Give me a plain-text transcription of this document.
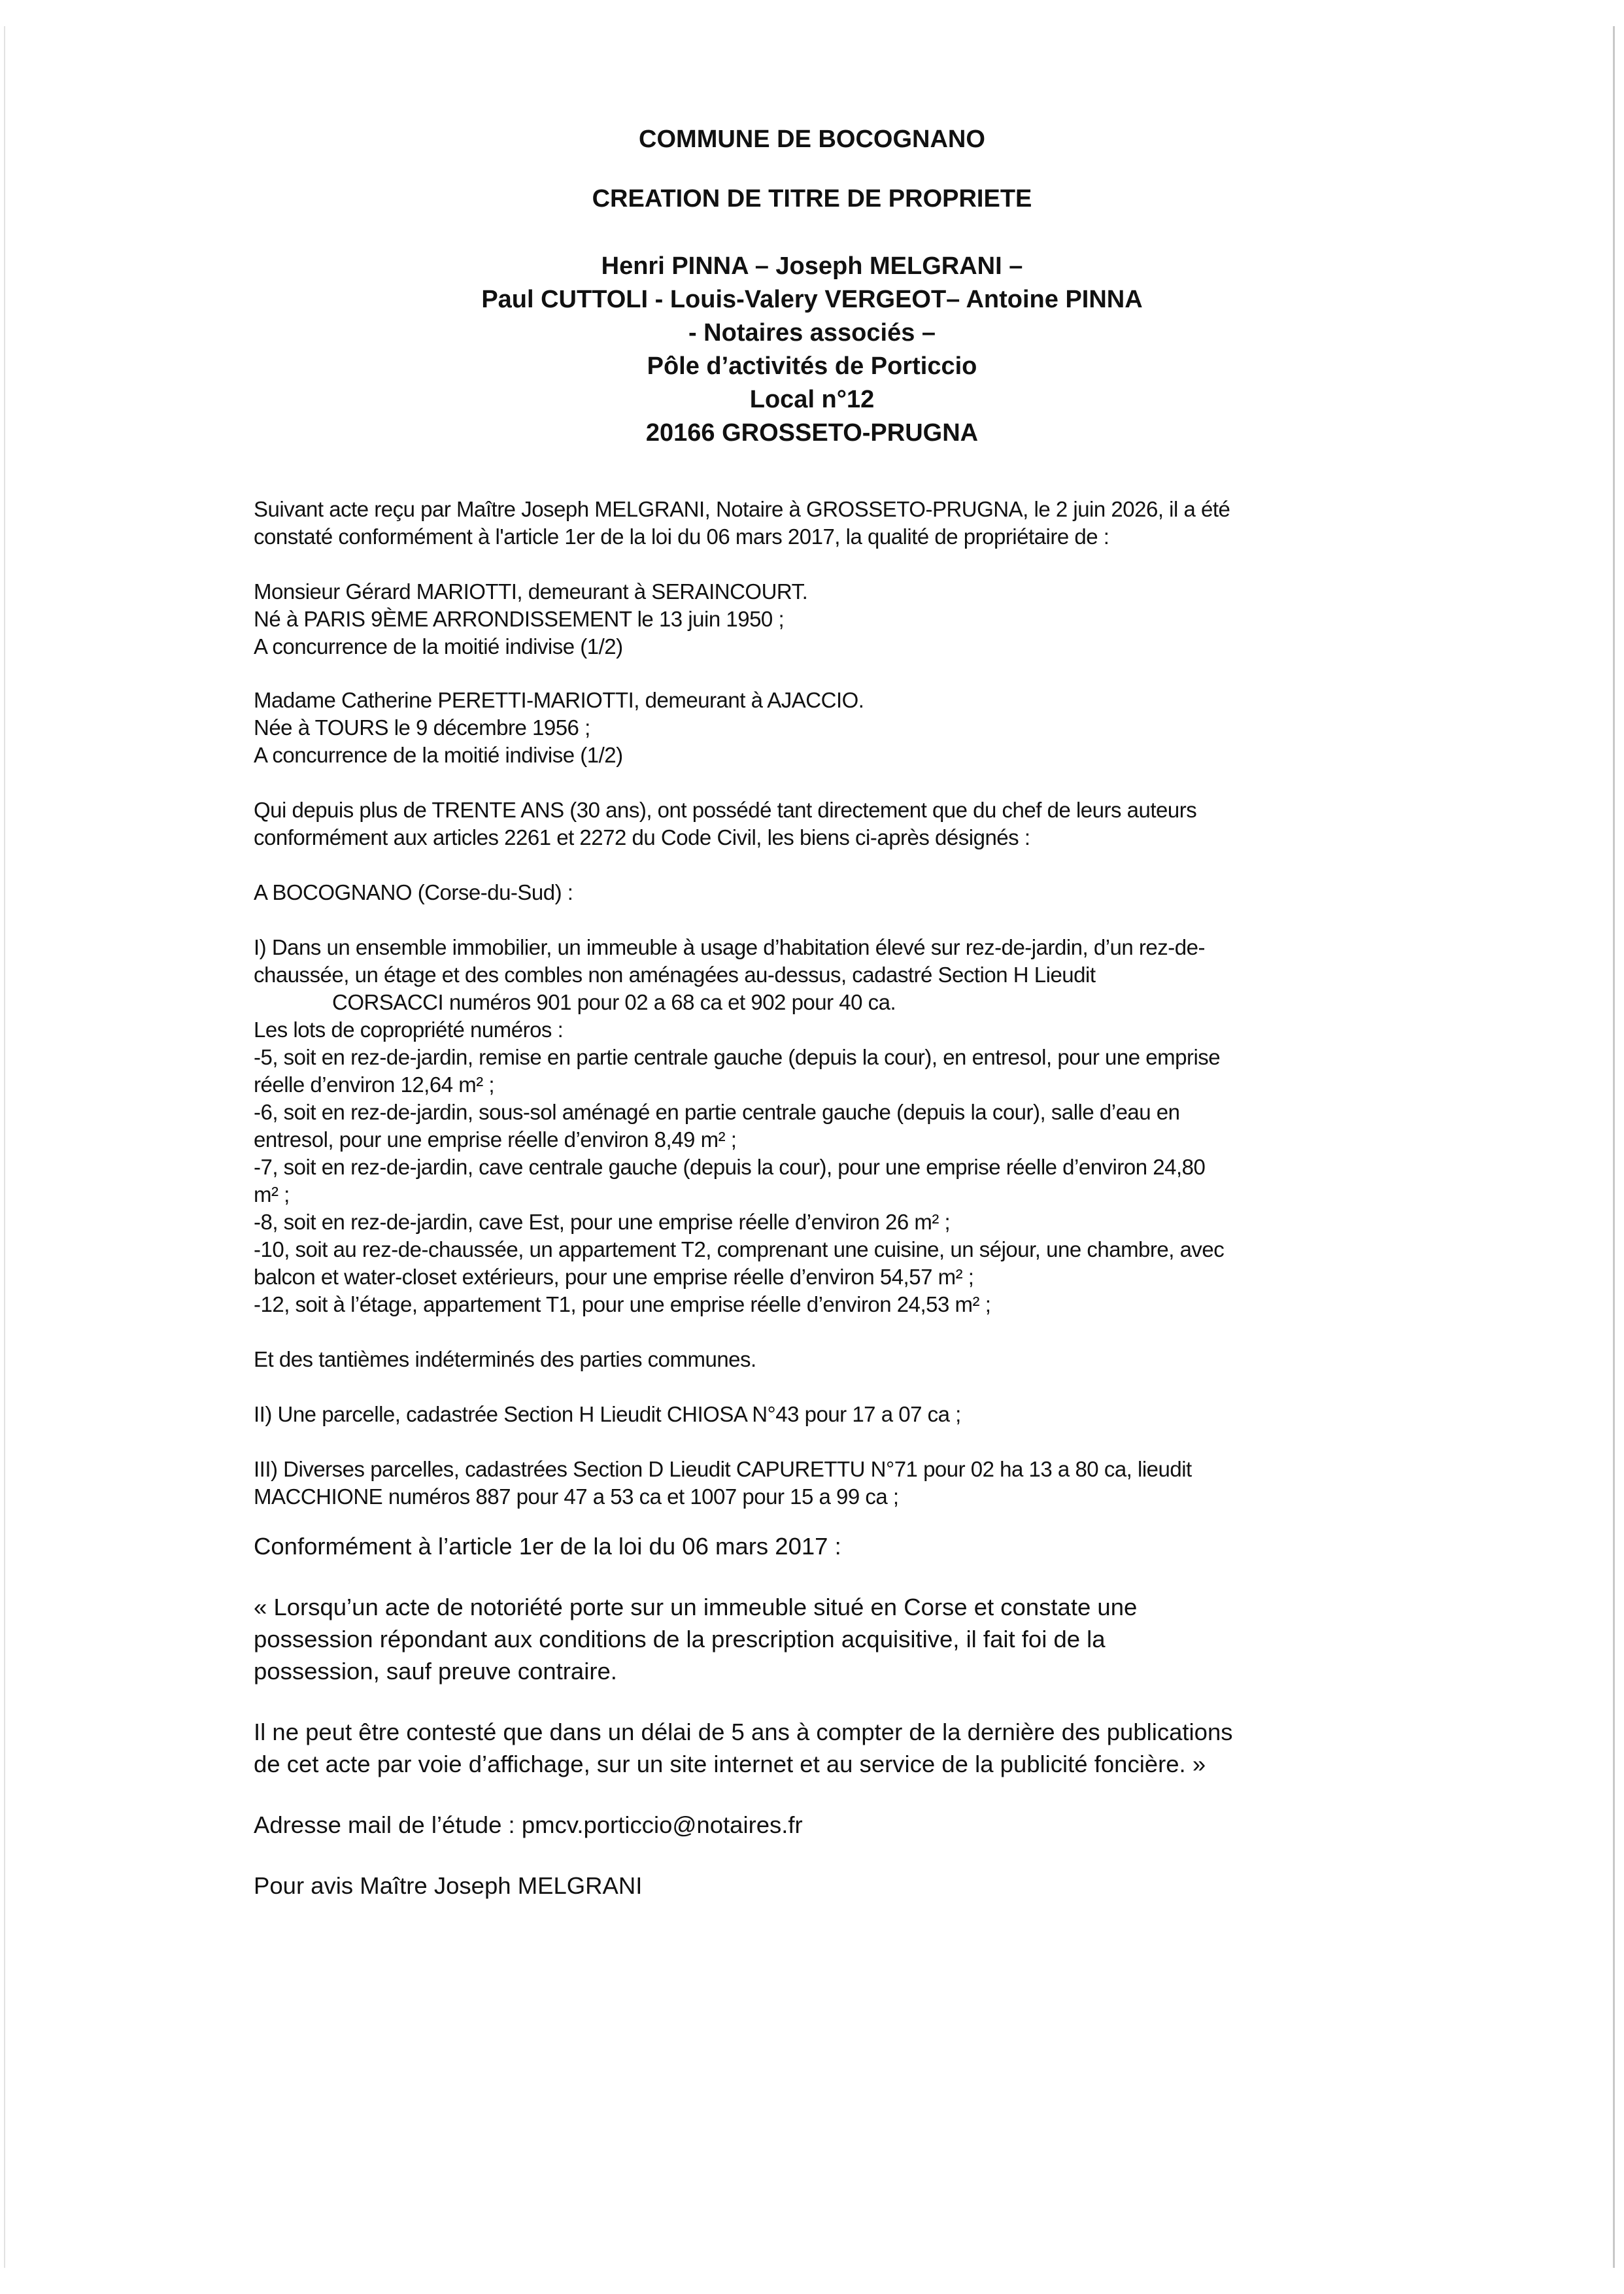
COMMUNE DE BOCOGNANO
CREATION DE TITRE DE PROPRIETE
Henri PINNA – Joseph MELGRANI –
Paul CUTTOLI - Louis-Valery VERGEOT– Antoine PINNA
- Notaires associés –
Pôle d’activités de Porticcio
Local n°12
20166 GROSSETO-PRUGNA

Suivant acte reçu par Maître Joseph MELGRANI, Notaire à GROSSETO-PRUGNA, le 2 juin 2026, il a été

constaté conformément à l'article 1er de la loi du 06 mars 2017, la qualité de propriétaire de :

Monsieur Gérard MARIOTTI, demeurant à SERAINCOURT.

Né à PARIS 9ÈME ARRONDISSEMENT le 13 juin 1950 ;

A concurrence de la moitié indivise (1/2)

Madame Catherine PERETTI-MARIOTTI, demeurant à AJACCIO.

Née à TOURS le 9 décembre 1956 ;

A concurrence de la moitié indivise (1/2)

Qui depuis plus de TRENTE ANS (30 ans), ont possédé tant directement que du chef de leurs auteurs

conformément aux articles 2261 et 2272 du Code Civil, les biens ci-après désignés :

A BOCOGNANO (Corse-du-Sud) :

I) Dans un ensemble immobilier, un immeuble à usage d’habitation élevé sur rez-de-jardin, d’un rez-de-

chaussée, un étage et des combles non aménagées au-dessus, cadastré Section H Lieudit

CORSACCI numéros 901 pour 02 a 68 ca et 902 pour 40 ca.

Les lots de copropriété numéros :

-5, soit en rez-de-jardin, remise en partie centrale gauche (depuis la cour), en entresol, pour une emprise

réelle d’environ 12,64 m² ;

-6, soit en rez-de-jardin, sous-sol aménagé en partie centrale gauche (depuis la cour), salle d’eau en

entresol, pour une emprise réelle d’environ 8,49 m² ;

-7, soit en rez-de-jardin, cave centrale gauche (depuis la cour), pour une emprise réelle d’environ 24,80

m² ;

-8, soit en rez-de-jardin, cave Est, pour une emprise réelle d’environ 26 m² ;

-10, soit au rez-de-chaussée, un appartement T2, comprenant une cuisine, un séjour, une chambre, avec

balcon et water-closet extérieurs, pour une emprise réelle d’environ 54,57 m² ;

-12, soit à l’étage, appartement T1, pour une emprise réelle d’environ 24,53 m² ;

Et des tantièmes indéterminés des parties communes.

II) Une parcelle, cadastrée Section H Lieudit CHIOSA N°43 pour 17 a 07 ca ;

III) Diverses parcelles, cadastrées Section D Lieudit CAPURETTU N°71 pour 02 ha 13 a 80 ca, lieudit

MACCHIONE numéros 887 pour 47 a 53 ca et 1007 pour 15 a 99 ca ;

Conformément à l’article 1er de la loi du 06 mars 2017 :

« Lorsqu’un acte de notoriété porte sur un immeuble situé en Corse et constate une

possession répondant aux conditions de la prescription acquisitive, il fait foi de la

possession, sauf preuve contraire.

Il ne peut être contesté que dans un délai de 5 ans à compter de la dernière des publications

de cet acte par voie d’affichage, sur un site internet et au service de la publicité foncière. »

Adresse mail de l’étude : pmcv.porticcio@notaires.fr

Pour avis Maître Joseph MELGRANI
